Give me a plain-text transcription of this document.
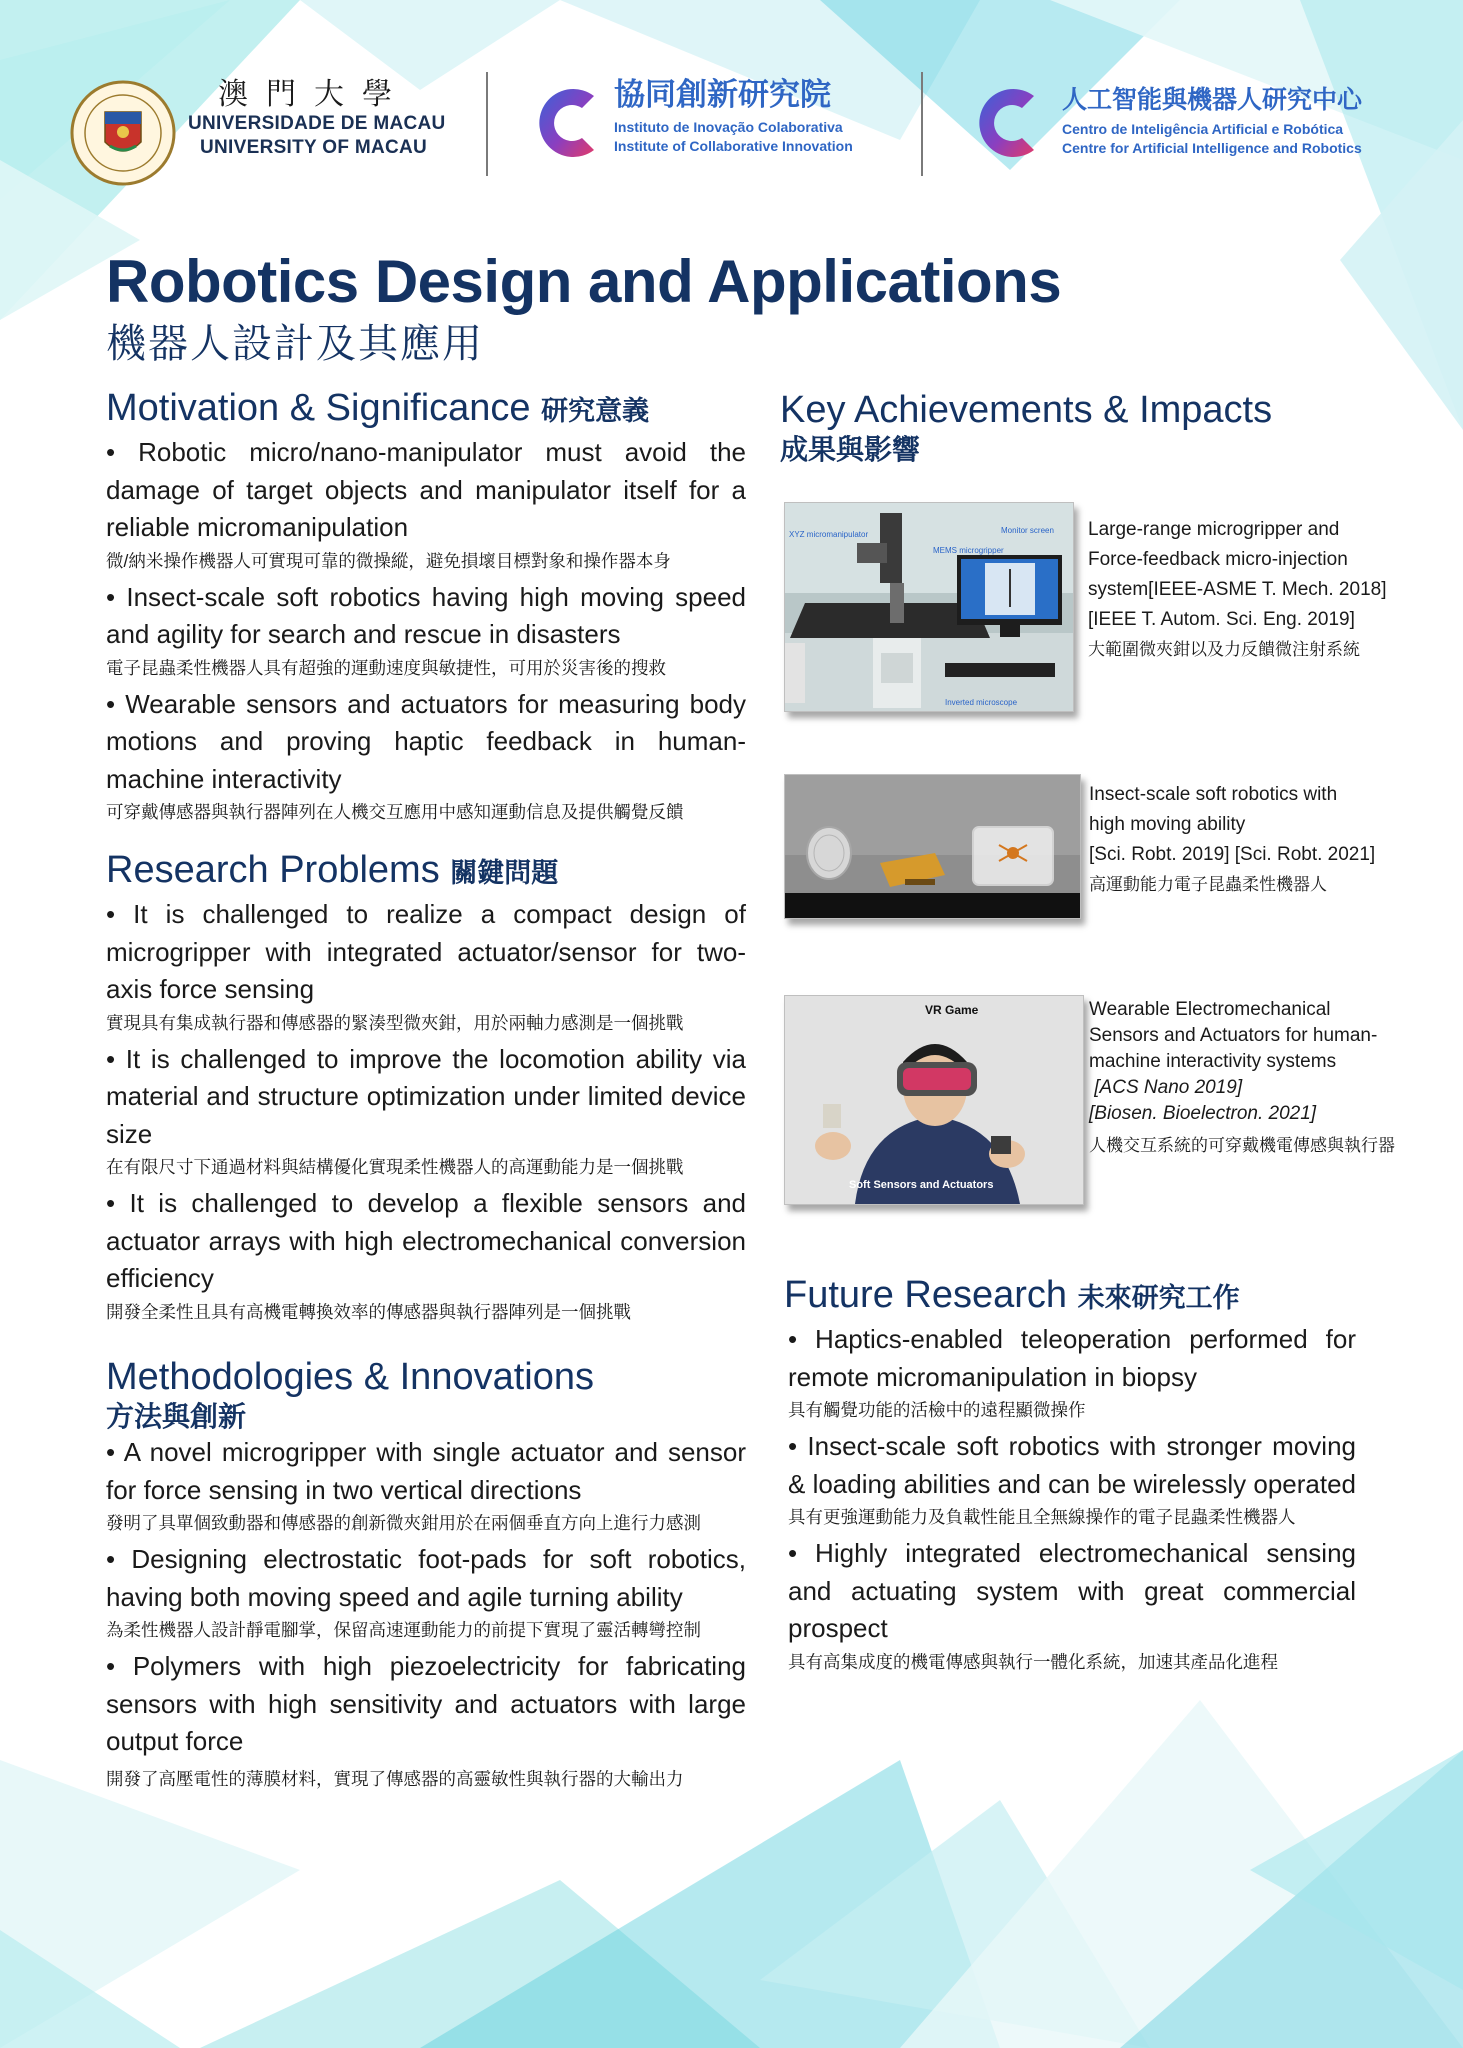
澳門大學
UNIVERSIDADE DE MACAU
UNIVERSITY OF MACAU
協同創新研究院
Instituto de Inovação Colaborativa
Institute of Collaborative Innovation
人工智能與機器人研究中心
Centro de Inteligência Artificial e Robótica
Centre for Artificial Intelligence and Robotics
Robotics Design and Applications
機器人設計及其應用
Motivation & Significance 研究意義
• Robotic micro/nano-manipulator must avoid the damage of target objects and manipulator itself for a reliable micromanipulation
微/納米操作機器人可實現可靠的微操縱，避免損壞目標對象和操作器本身
• Insect-scale soft robotics having high moving speed and agility for search and rescue in disasters
電子昆蟲柔性機器人具有超強的運動速度與敏捷性，可用於災害後的搜救
• Wearable sensors and actuators for measuring body motions and proving haptic feedback in human-machine interactivity
可穿戴傳感器與執行器陣列在人機交互應用中感知運動信息及提供觸覺反饋
Research Problems 關鍵問題
• It is challenged to realize a compact design of microgripper with integrated actuator/sensor for two-axis force sensing
實現具有集成執行器和傳感器的緊湊型微夾鉗，用於兩軸力感測是一個挑戰
• It is challenged to improve the locomotion ability via material and structure optimization under limited device size
在有限尺寸下通過材料與結構優化實現柔性機器人的高運動能力是一個挑戰
• It is challenged to develop a flexible sensors and actuator arrays with high electromechanical conversion efficiency
開發全柔性且具有高機電轉換效率的傳感器與執行器陣列是一個挑戰
Methodologies & Innovations
方法與創新
• A novel microgripper with single actuator and sensor for force sensing in two vertical directions
發明了具單個致動器和傳感器的創新微夾鉗用於在兩個垂直方向上進行力感測
• Designing electrostatic foot-pads for soft robotics, having both moving speed and agile turning ability
為柔性機器人設計靜電腳掌，保留高速運動能力的前提下實現了靈活轉彎控制
• Polymers with high piezoelectricity for fabricating sensors with high sensitivity and actuators with large output force
開發了高壓電性的薄膜材料，實現了傳感器的高靈敏性與執行器的大輸出力
Key Achievements & Impacts
成果與影響
XYZ micromanipulator	Monitor screen
MEMS microgripper
Inverted microscope
Large-range microgripper and
Force-feedback micro-injection
system[IEEE-ASME T. Mech. 2018]
[IEEE T. Autom. Sci. Eng. 2019]
大範圍微夾鉗以及力反饋微注射系統
Insect-scale soft robotics with
high moving ability
[Sci. Robt. 2019] [Sci. Robt. 2021]
高運動能力電子昆蟲柔性機器人
VR Game
Soft Sensors and Actuators
Wearable Electromechanical
Sensors and Actuators for human-
machine interactivity systems
[ACS Nano 2019]
[Biosen. Bioelectron. 2021]
人機交互系統的可穿戴機電傳感與執行器
Future Research 未來研究工作
• Haptics-enabled teleoperation performed for remote micromanipulation in biopsy
具有觸覺功能的活檢中的遠程顯微操作
• Insect-scale soft robotics with stronger moving & loading abilities and can be wirelessly operated
具有更強運動能力及負載性能且全無線操作的電子昆蟲柔性機器人
• Highly integrated electromechanical sensing and actuating system with great commercial prospect
具有高集成度的機電傳感與執行一體化系統，加速其產品化進程
